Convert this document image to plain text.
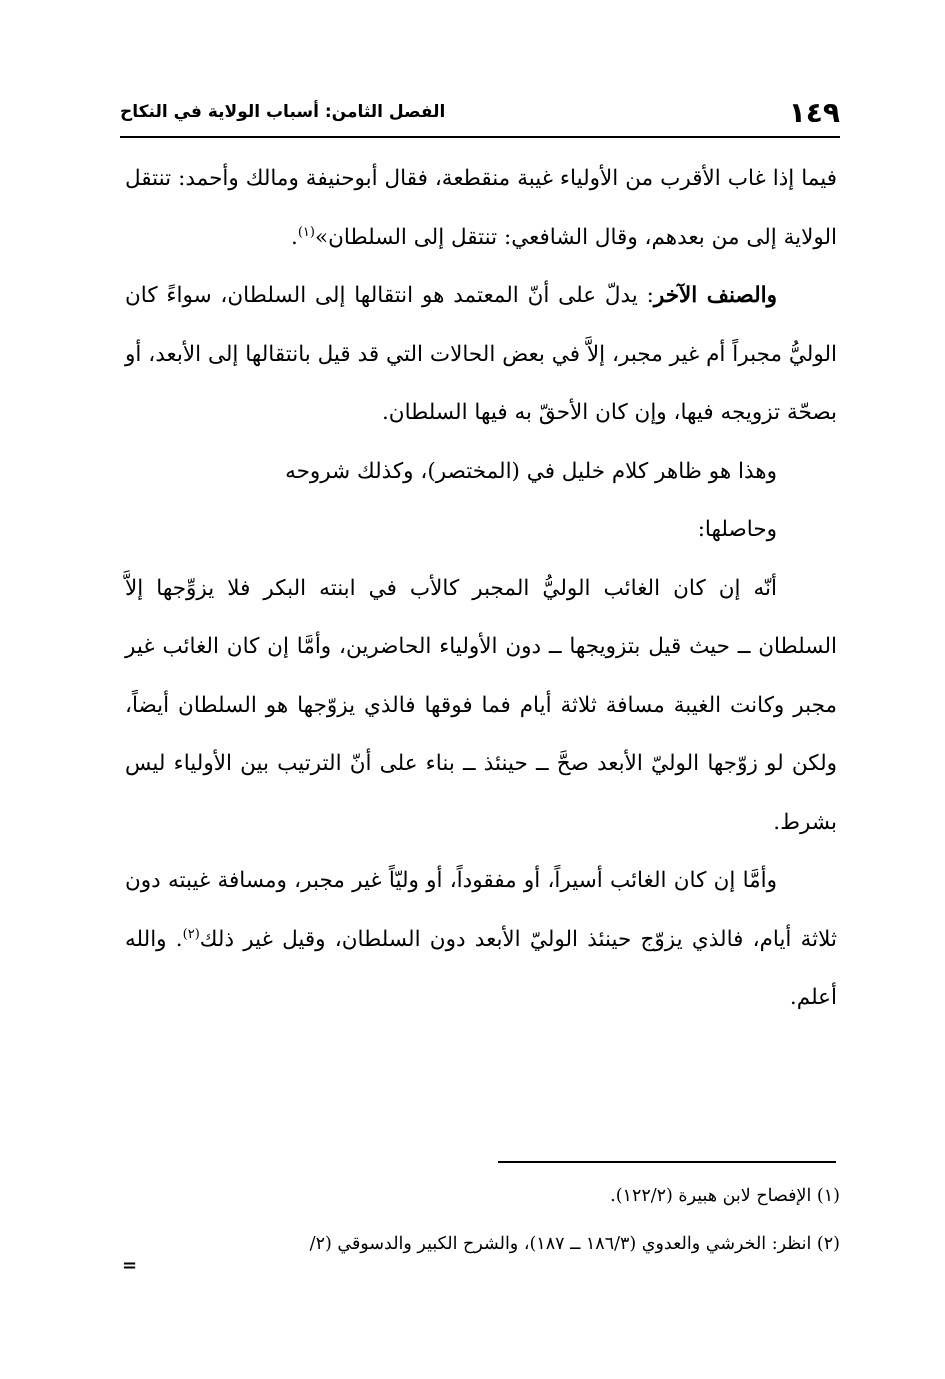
١٤٩
الفصل الثامن: أسباب الولاية في النكاح

فيما إذا غاب الأقرب من الأولياء غيبة منقطعة، فقال أبوحنيفة ومالك وأحمد: تنتقل الولاية إلى من بعدهم، وقال الشافعي: تنتقل إلى السلطان»$^{(١)}$.

والصنف الآخر: يدلّ على أنّ المعتمد هو انتقالها إلى السلطان، سواءً كان الوليُّ مجبراً أم غير مجبر، إلاَّ في بعض الحالات التي قد قيل بانتقالها إلى الأبعد، أو بصحّة تزويجه فيها، وإن كان الأحقّ به فيها السلطان.

وهذا هو ظاهر كلام خليل في (المختصر)، وكذلك شروحه

وحاصلها:

أنّه إن كان الغائب الوليُّ المجبر كالأب في ابنته البكر فلا يزوِّجها إلاَّ السلطان ــ حيث قيل بتزويجها ــ دون الأولياء الحاضرين، وأمَّا إن كان الغائب غير مجبر وكانت الغيبة مسافة ثلاثة أيام فما فوقها فالذي يزوّجها هو السلطان أيضاً، ولكن لو زوّجها الوليّ الأبعد صحَّ ــ حينئذ ــ بناء على أنّ الترتيب بين الأولياء ليس بشرط.

وأمَّا إن كان الغائب أسيراً، أو مفقوداً، أو وليّاً غير مجبر، ومسافة غيبته دون ثلاثة أيام، فالذي يزوّج حينئذ الوليّ الأبعد دون السلطان، وقيل غير ذلك$^{(٢)}$. والله أعلم.

(١) الإفصاح لابن هبيرة (١٢٢/٢).

(٢) انظر: الخرشي والعدوي (١٨٦/٣ ــ ١٨٧)، والشرح الكبير والدسوقي (٢/

=
